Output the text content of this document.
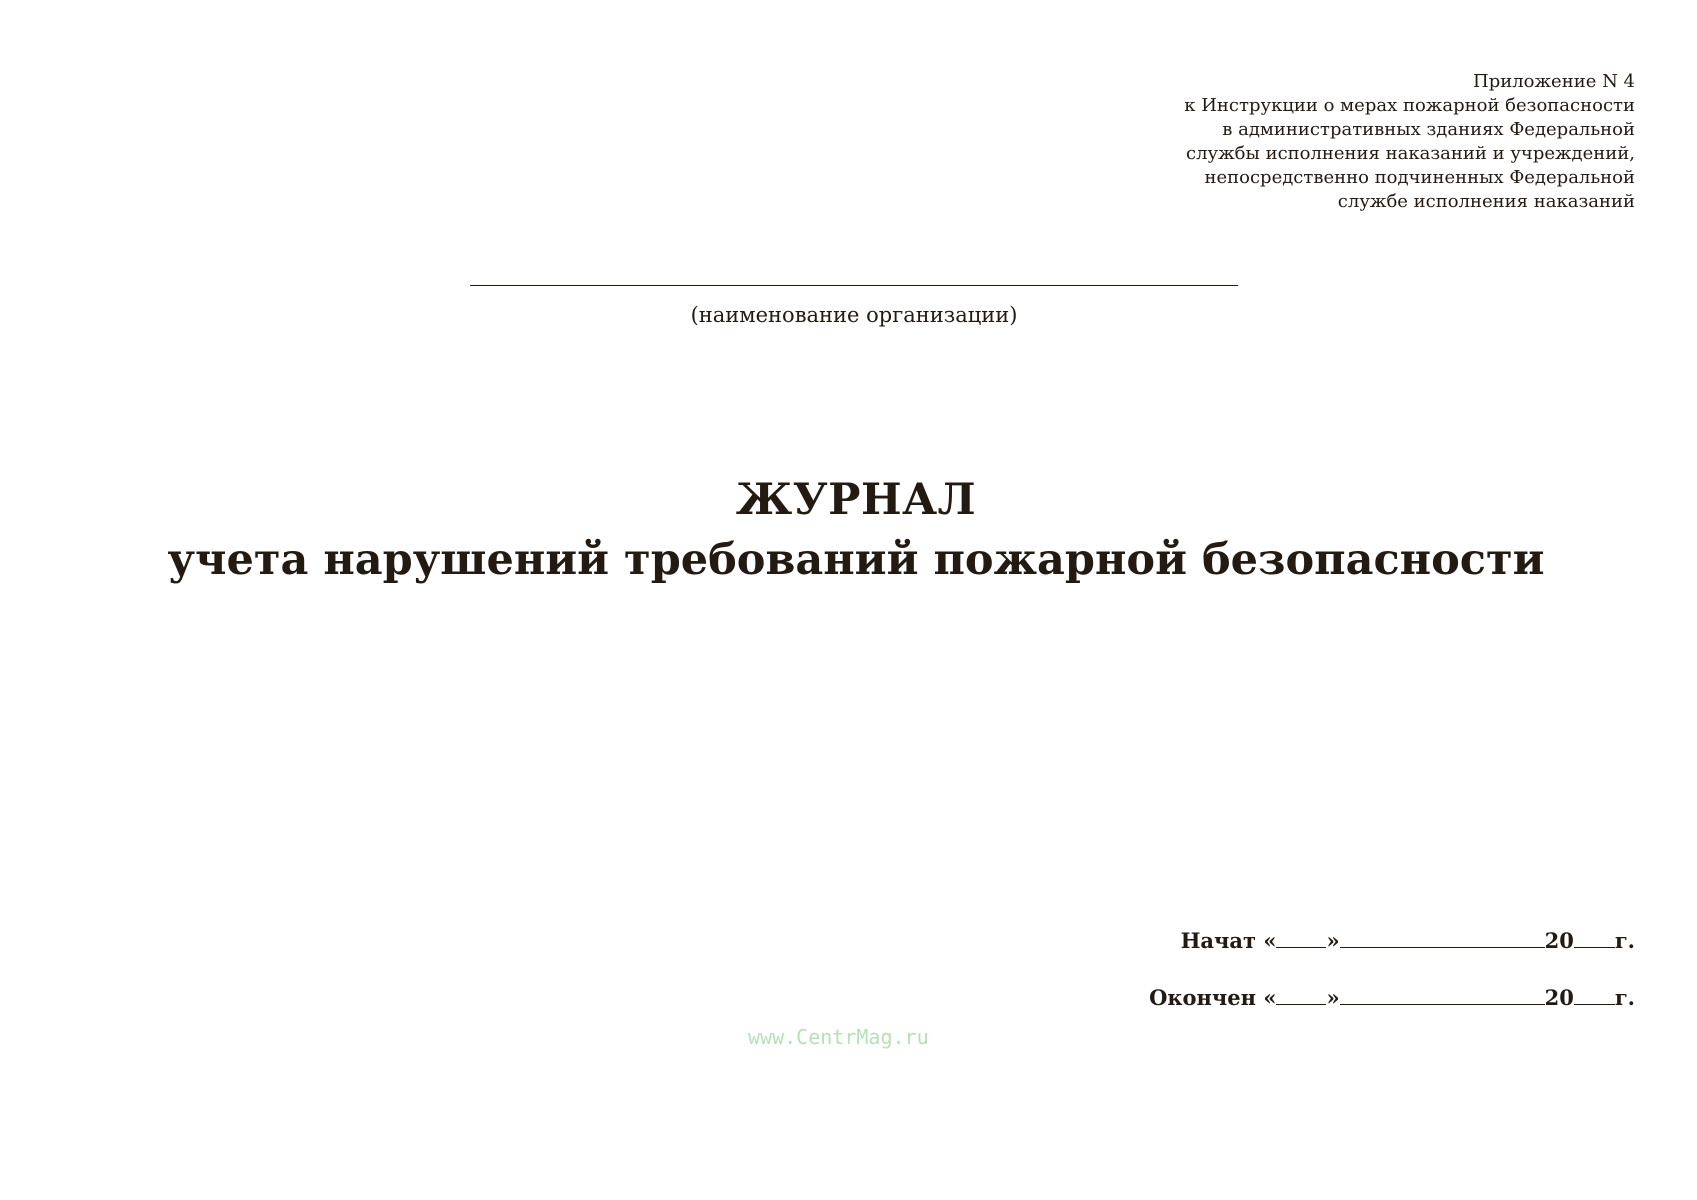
Приложение N 4
к Инструкции о мерах пожарной безопасности
в административных зданиях Федеральной
службы исполнения наказаний и учреждений,
непосредственно подчиненных Федеральной
службе исполнения наказаний
(наименование организации)
ЖУРНАЛ
учета нарушений требований пожарной безопасности
Начат
« »	20 г.
Окончен
« »	20 г.
www.CentrMag.ru
